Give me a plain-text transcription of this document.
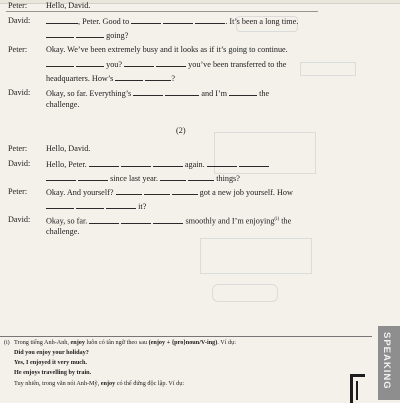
Peter:	Hello, David.
David:	, Peter. Good to	. It’s been a long time.
going?
Peter:	Okay. We’ve been extremely busy and it looks as if it’s going to continue.
you?	you’ve been transferred to the
headquarters. How’s	?
David:	Okay, so far. Everything’s	and I’m	the
challenge.
(2)
Peter:	Hello, David.
David:	Hello, Peter.	again.
since last year.	things?
Peter:	Okay. And yourself?	got a new job yourself. How
it?
David:	Okay, so far.	smoothly and I’m enjoying$^{(i)}$ the
challenge.
(i) Trong tiếng Anh-Anh, enjoy luôn có tân ngữ theo sau (enjoy + {pro}noun/V-ing). Ví dụ:
Did you enjoy your holiday?
Yes, I enjoyed it very much.
He enjoys travelling by train.
Tuy nhiên, trong văn nói Anh-Mỹ, enjoy có thể đứng độc lập. Ví dụ:	SPEAKING
